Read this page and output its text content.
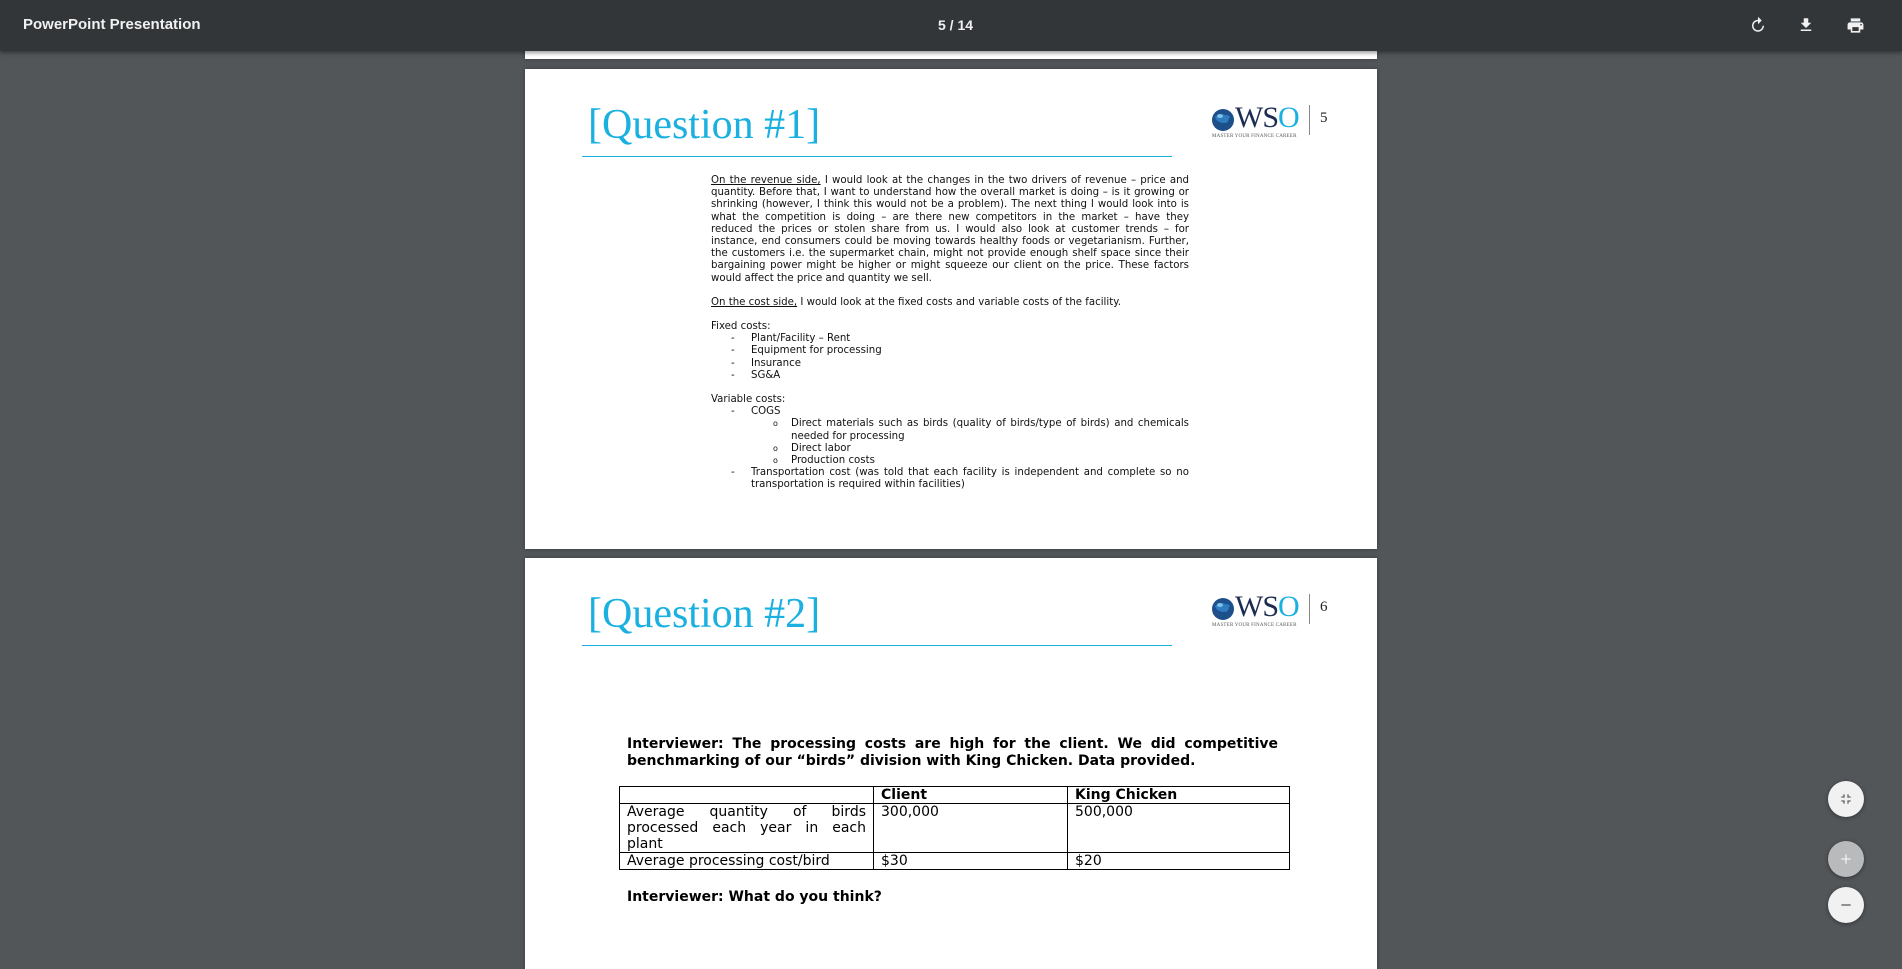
PowerPoint Presentation	5 / 14
[Question #1]	WSO
MASTER YOUR FINANCE CAREER
5

On the revenue side, I would look at the changes in the two drivers of revenue – price and quantity. Before that, I want to understand how the overall market is doing – is it growing or shrinking (however, I think this would not be a problem). The next thing I would look into is what the competition is doing – are there new competitors in the market – have they reduced the prices or stolen share from us. I would also look at customer trends – for instance, end consumers could be moving towards healthy foods or vegetarianism. Further, the customers i.e. the supermarket chain, might not provide enough shelf space since their bargaining power might be higher or might squeeze our client on the price. These factors would affect the price and quantity we sell.

On the cost side, I would look at the fixed costs and variable costs of the facility.

Fixed costs:

- Plant/Facility – Rent
- Equipment for processing
- Insurance
- SG&A

Variable costs:

- COGS
o Direct materials such as birds (quality of birds/type of birds) and chemicals needed for processing
o Direct labor
o Production costs
- Transportation cost (was told that each facility is independent and complete so no transportation is required within facilities)
[Question #2]	WSO
MASTER YOUR FINANCE CAREER
6
Interviewer: The processing costs are high for the client. We did competitive benchmarking of our “birds” division with King Chicken. Data provided.
	Client	King Chicken
Average quantity of birds processed each year in each plant	300,000	500,000
Average processing cost/bird	$30	$20
Interviewer: What do you think?
